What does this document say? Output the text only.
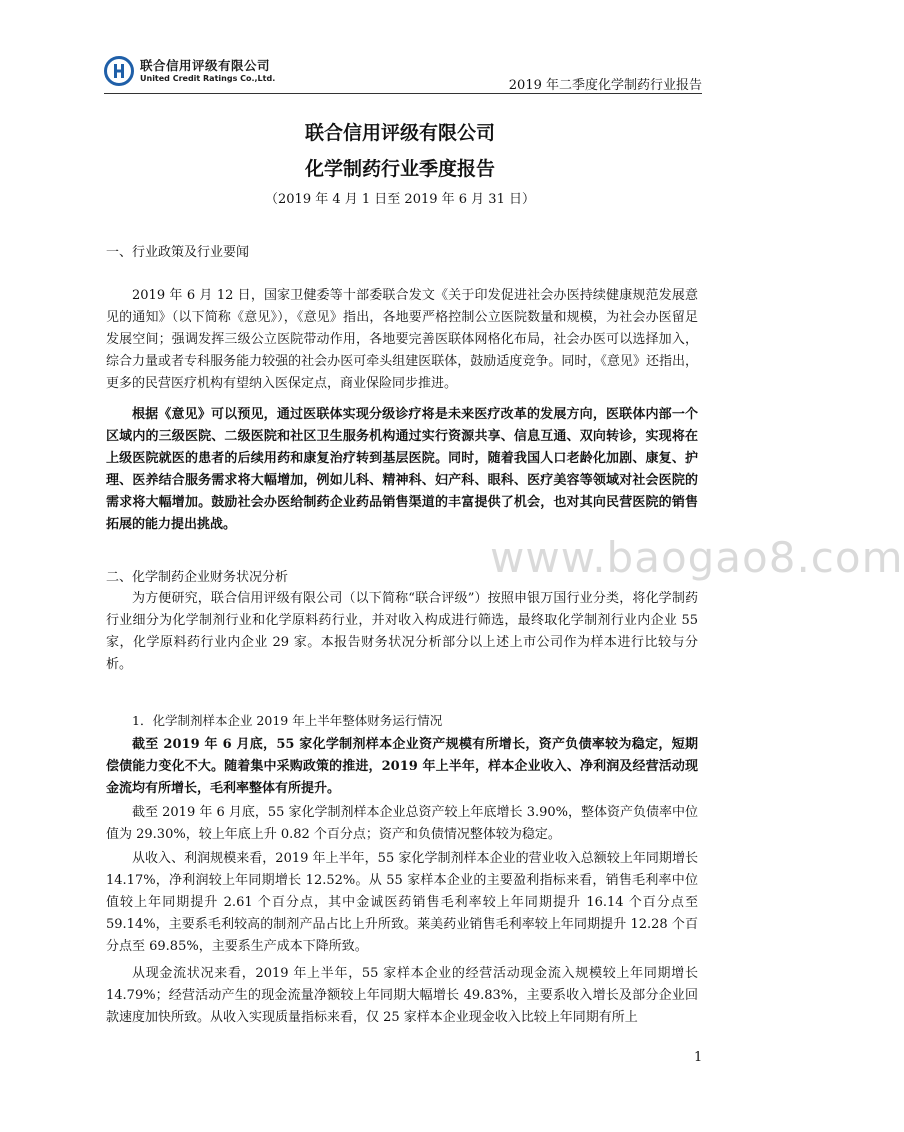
联合信用评级有限公司
United Credit Ratings Co.,Ltd.	2019 年二季度化学制药行业报告
联合信用评级有限公司
化学制药行业季度报告
（2019 年 4 月 1 日至 2019 年 6 月 31 日）
一、行业政策及行业要闻
2019 年 6 月 12 日，国家卫健委等十部委联合发文《关于印发促进社会办医持续健康规范发展意见的通知》（以下简称《意见》），《意见》指出，各地要严格控制公立医院数量和规模，为社会办医留足发展空间；强调发挥三级公立医院带动作用，各地要完善医联体网格化布局，社会办医可以选择加入，综合力量或者专科服务能力较强的社会办医可牵头组建医联体，鼓励适度竞争。同时，《意见》还指出，更多的民营医疗机构有望纳入医保定点，商业保险同步推进。
根据《意见》可以预见，通过医联体实现分级诊疗将是未来医疗改革的发展方向，医联体内部一个区域内的三级医院、二级医院和社区卫生服务机构通过实行资源共享、信息互通、双向转诊，实现将在上级医院就医的患者的后续用药和康复治疗转到基层医院。同时，随着我国人口老龄化加剧、康复、护理、医养结合服务需求将大幅增加，例如儿科、精神科、妇产科、眼科、医疗美容等领域对社会医院的需求将大幅增加。鼓励社会办医给制药企业药品销售渠道的丰富提供了机会，也对其向民营医院的销售拓展的能力提出挑战。
www.baogao8.com
二、化学制药企业财务状况分析
为方便研究，联合信用评级有限公司（以下简称“联合评级”）按照申银万国行业分类，将化学制药行业细分为化学制剂行业和化学原料药行业，并对收入构成进行筛选，最终取化学制剂行业内企业 55 家，化学原料药行业内企业 29 家。本报告财务状况分析部分以上述上市公司作为样本进行比较与分析。
1．化学制剂样本企业 2019 年上半年整体财务运行情况
截至 2019 年 6 月底，55 家化学制剂样本企业资产规模有所增长，资产负债率较为稳定，短期偿债能力变化不大。随着集中采购政策的推进，2019 年上半年，样本企业收入、净利润及经营活动现金流均有所增长，毛利率整体有所提升。
截至 2019 年 6 月底，55 家化学制剂样本企业总资产较上年底增长 3.90%，整体资产负债率中位值为 29.30%，较上年底上升 0.82 个百分点；资产和负债情况整体较为稳定。
从收入、利润规模来看，2019 年上半年，55 家化学制剂样本企业的营业收入总额较上年同期增长 14.17%，净利润较上年同期增长 12.52%。从 55 家样本企业的主要盈利指标来看，销售毛利率中位值较上年同期提升 2.61 个百分点，其中金诚医药销售毛利率较上年同期提升 16.14 个百分点至 59.14%，主要系毛利较高的制剂产品占比上升所致。莱美药业销售毛利率较上年同期提升 12.28 个百分点至 69.85%，主要系生产成本下降所致。
从现金流状况来看，2019 年上半年，55 家样本企业的经营活动现金流入规模较上年同期增长 14.79%；经营活动产生的现金流量净额较上年同期大幅增长 49.83%，主要系收入增长及部分企业回款速度加快所致。从收入实现质量指标来看，仅 25 家样本企业现金收入比较上年同期有所上
1
